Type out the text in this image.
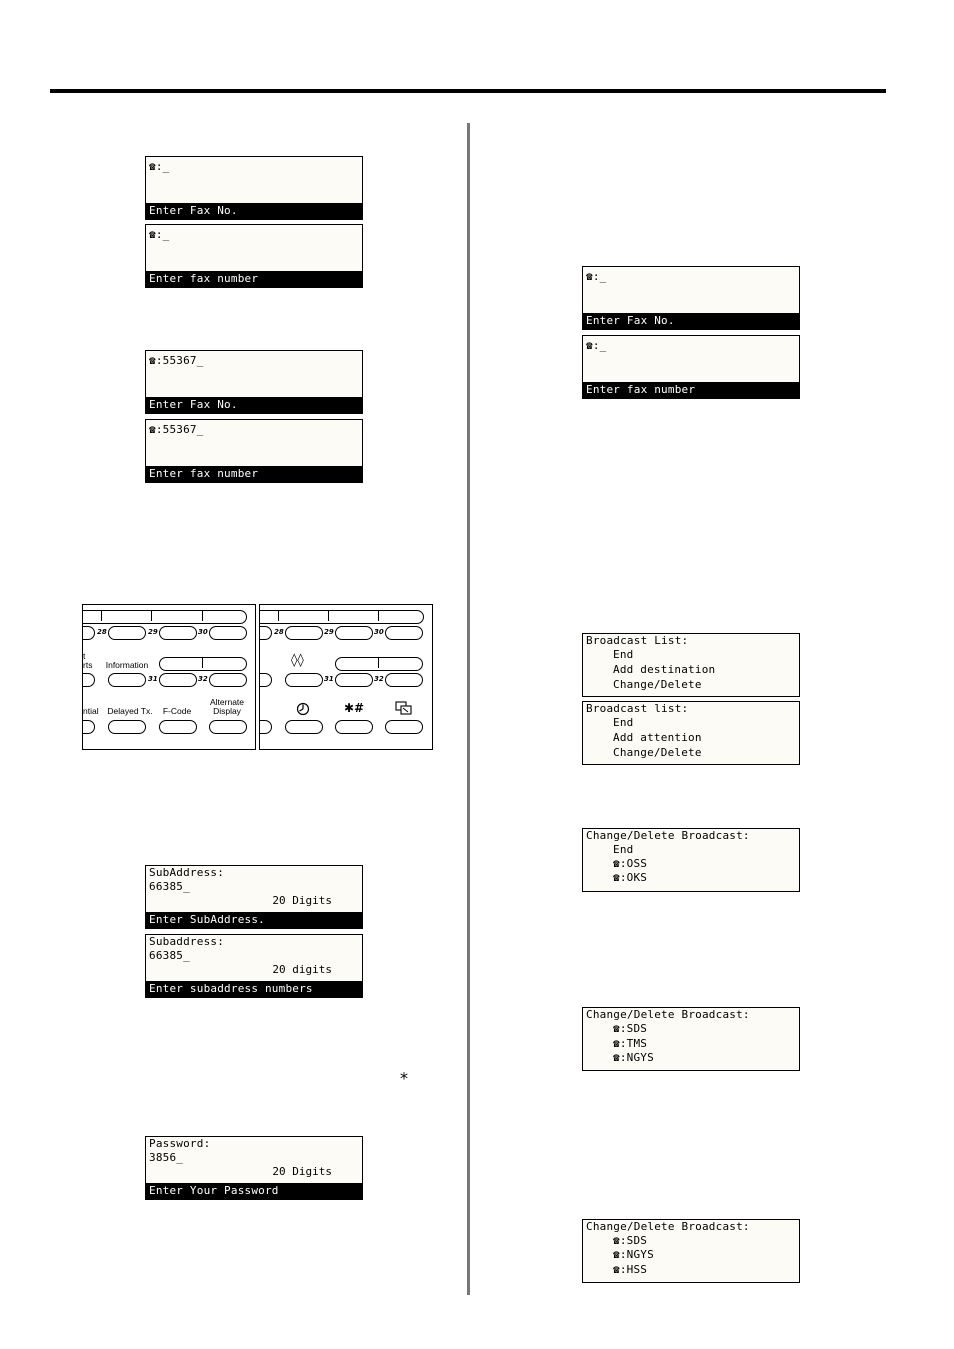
☎:_
Enter Fax No.
☎:_
Enter fax number
☎:55367_
Enter Fax No.
☎:55367_
Enter fax number
28	29	30
t
rts	Information
31	32
ntial Delayed Tx.	F-Code
Alternate
Display
28	29	30
◊◊
31	32
✱#
SubAddress:
66385_
20 Digits
Enter SubAddress.
Subaddress:
66385_
20 digits
Enter subaddress numbers
⁎
Password:
3856_
20 Digits
Enter Your Password
☎:_
Enter Fax No.
☎:_
Enter fax number
Broadcast List:
End
Add destination
Change/Delete
Broadcast list:
End
Add attention
Change/Delete
Change/Delete Broadcast:
End
☎:OSS
☎:OKS
Change/Delete Broadcast:
☎:SDS
☎:TMS
☎:NGYS
Change/Delete Broadcast:
☎:SDS
☎:NGYS
☎:HSS
